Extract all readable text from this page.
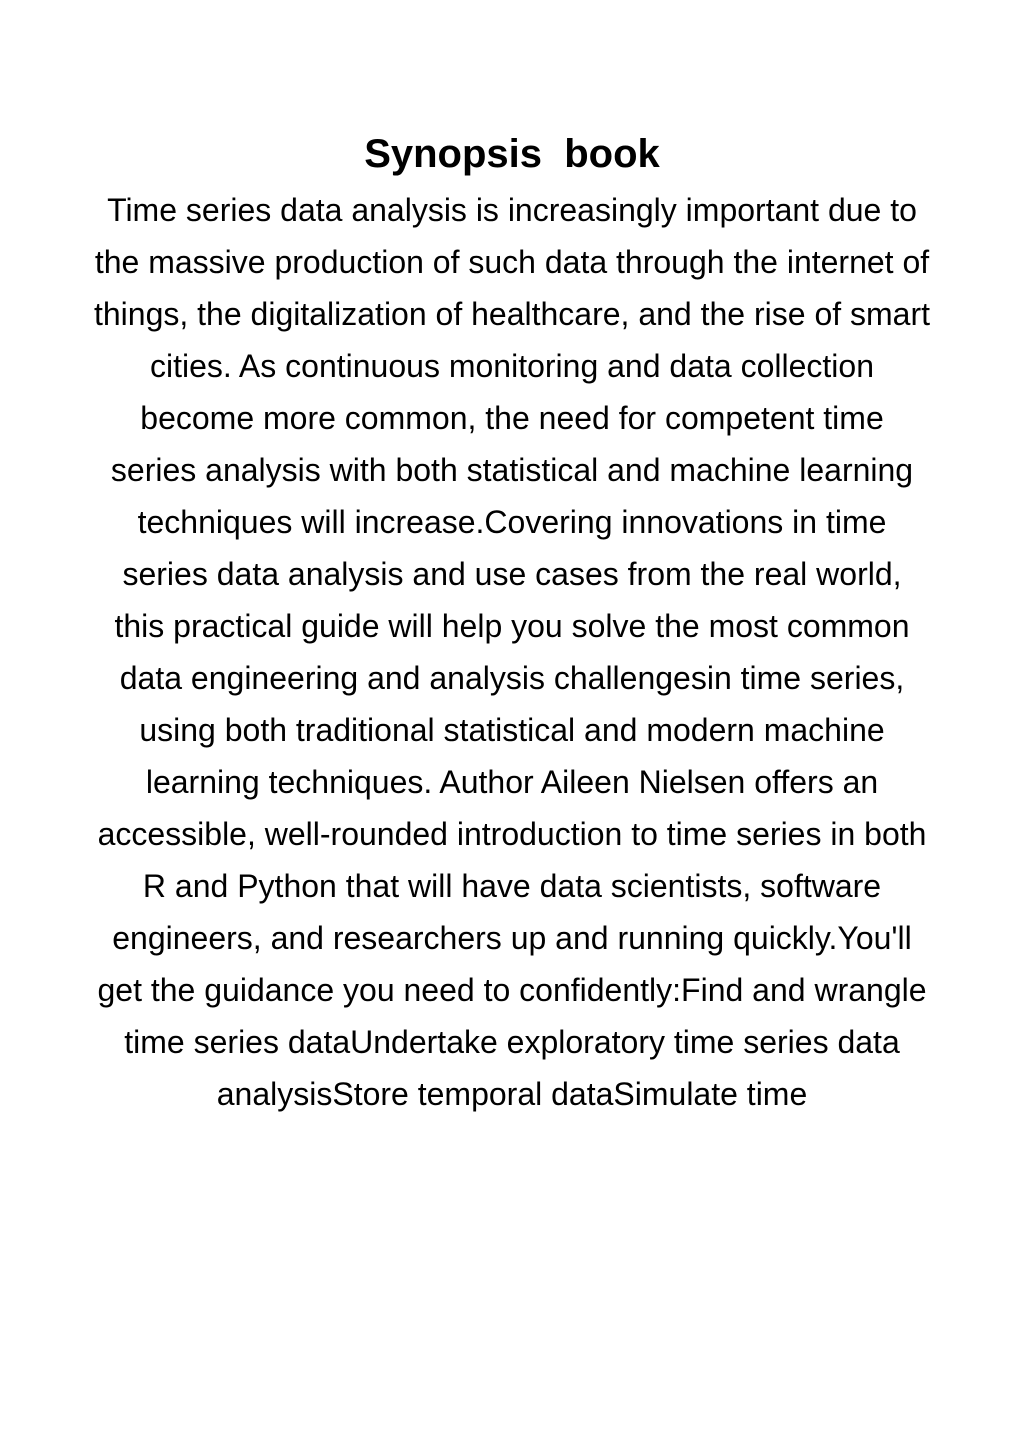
Synopsis  book
Time series data analysis is increasingly important due to
the massive production of such data through the internet of
things, the digitalization of healthcare, and the rise of smart
cities. As continuous monitoring and data collection
become more common, the need for competent time
series analysis with both statistical and machine learning
techniques will increase.Covering innovations in time
series data analysis and use cases from the real world,
this practical guide will help you solve the most common
data engineering and analysis challengesin time series,
using both traditional statistical and modern machine
learning techniques. Author Aileen Nielsen offers an
accessible, well-rounded introduction to time series in both
R and Python that will have data scientists, software
engineers, and researchers up and running quickly.You'll
get the guidance you need to confidently:Find and wrangle
time series dataUndertake exploratory time series data
analysisStore temporal dataSimulate time
